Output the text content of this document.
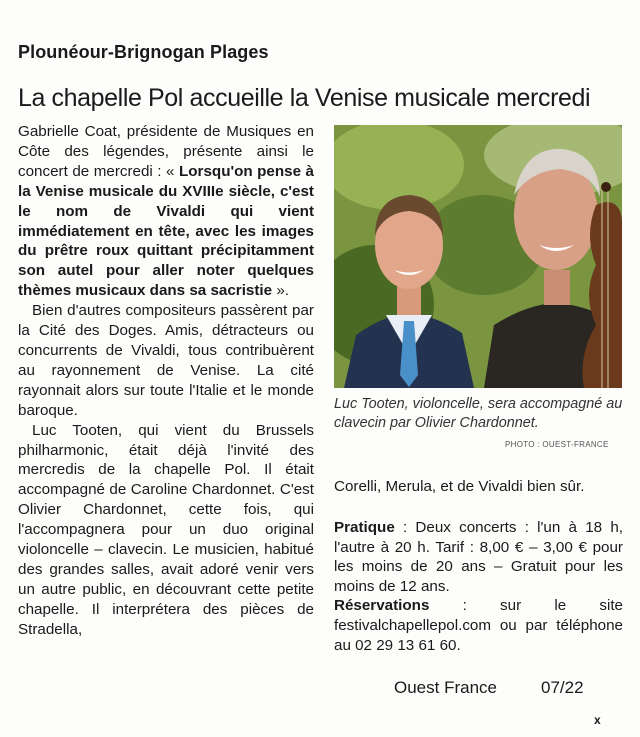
Plounéour-Brignogan Plages
La chapelle Pol accueille la Venise musicale mercredi

Gabrielle Coat, présidente de Musiques en Côte des légendes, présente ainsi le concert de mercredi : « Lorsqu'on pense à la Venise musicale du XVIIIe siècle, c'est le nom de Vivaldi qui vient immédiatement en tête, avec les images du prêtre roux quittant précipitamment son autel pour aller noter quelques thèmes musicaux dans sa sacristie ».

Bien d'autres compositeurs passèrent par la Cité des Doges. Amis, détracteurs ou concurrents de Vivaldi, tous contribuèrent au rayonnement de Venise. La cité rayonnait alors sur toute l'Italie et le monde baroque.

Luc Tooten, qui vient du Brussels philharmonic, était déjà l'invité des mercredis de la chapelle Pol. Il était accompagné de Caroline Chardonnet. C'est Olivier Chardonnet, cette fois, qui l'accompagnera pour un duo original violoncelle – clavecin. Le musicien, habitué des grandes salles, avait adoré venir vers un autre public, en découvrant cette petite chapelle. Il interprétera des pièces de Stradella,

Luc Tooten, violoncelle, sera accompagné au clavecin par Olivier Chardonnet.
PHOTO : OUEST-FRANCE
Corelli, Merula, et de Vivaldi bien sûr.

Pratique : Deux concerts : l'un à 18 h, l'autre à 20 h. Tarif : 8,00 € – 3,00 € pour les moins de 20 ans – Gratuit pour les moins de 12 ans.

Réservations : sur le site festivalchapellepol.com ou par téléphone au 02 29 13 61 60.

Ouest France	07/22
x
